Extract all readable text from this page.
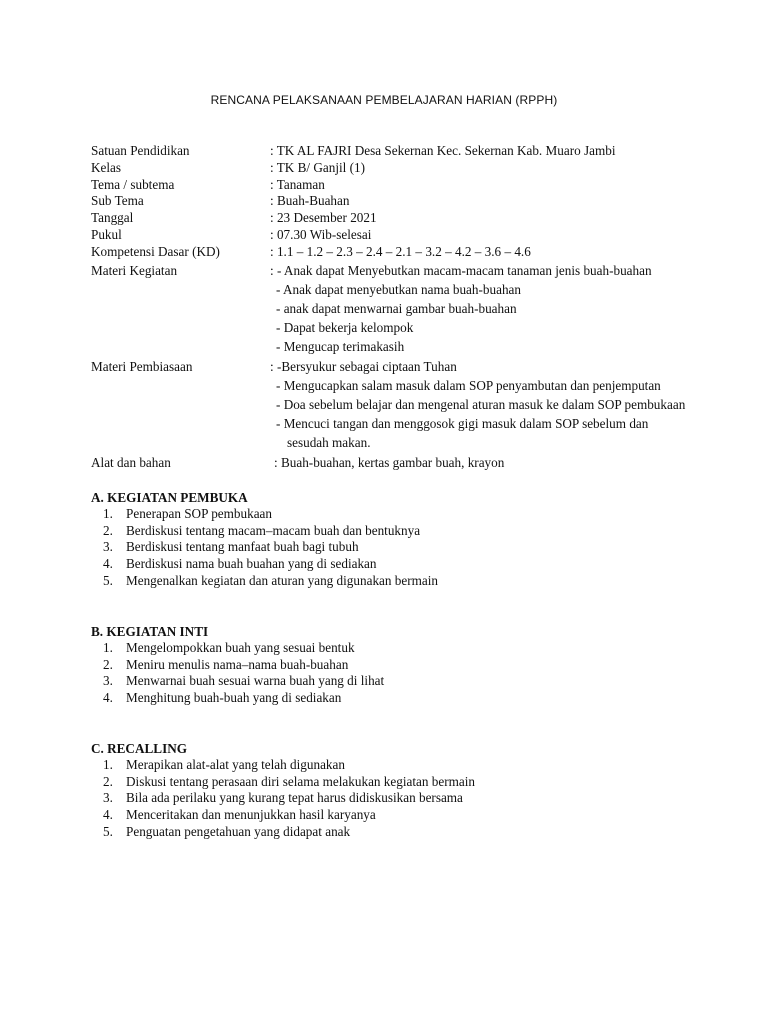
RENCANA PELAKSANAAN PEMBELAJARAN HARIAN (RPPH)
Satuan Pendidikan	: TK AL FAJRI Desa Sekernan Kec. Sekernan Kab. Muaro Jambi
Kelas	: TK B/ Ganjil (1)
Tema / subtema	: Tanaman
Sub Tema	: Buah-Buahan
Tanggal	: 23 Desember 2021
Pukul	: 07.30 Wib-selesai
Kompetensi Dasar (KD)	: 1.1 – 1.2 – 2.3 – 2.4 – 2.1 – 3.2 – 4.2 – 3.6 – 4.6
Materi Kegiatan	: - Anak dapat Menyebutkan macam-macam tanaman jenis buah-buahan
- Anak dapat menyebutkan nama buah-buahan
- anak dapat menwarnai gambar buah-buahan
- Dapat bekerja kelompok
- Mengucap terimakasih
Materi Pembiasaan	: -Bersyukur sebagai ciptaan Tuhan
- Mengucapkan salam masuk dalam SOP penyambutan dan penjemputan
- Doa sebelum belajar dan mengenal aturan masuk ke dalam SOP pembukaan
- Mencuci tangan dan menggosok gigi masuk dalam SOP sebelum dan
sesudah makan.
Alat dan bahan	: Buah-buahan, kertas gambar buah, krayon
A. KEGIATAN PEMBUKA
1. Penerapan SOP pembukaan
2. Berdiskusi tentang macam–macam buah dan bentuknya
3. Berdiskusi tentang manfaat buah bagi tubuh
4. Berdiskusi nama buah buahan yang di sediakan
5. Mengenalkan kegiatan dan aturan yang digunakan bermain
B. KEGIATAN INTI
1. Mengelompokkan buah yang sesuai bentuk
2. Meniru menulis nama–nama buah-buahan
3. Menwarnai buah sesuai warna buah yang di lihat
4. Menghitung buah-buah yang di sediakan
C. RECALLING
1. Merapikan alat-alat yang telah digunakan
2. Diskusi tentang perasaan diri selama melakukan kegiatan bermain
3. Bila ada perilaku yang kurang tepat harus didiskusikan bersama
4. Menceritakan dan menunjukkan hasil karyanya
5. Penguatan pengetahuan yang didapat anak
